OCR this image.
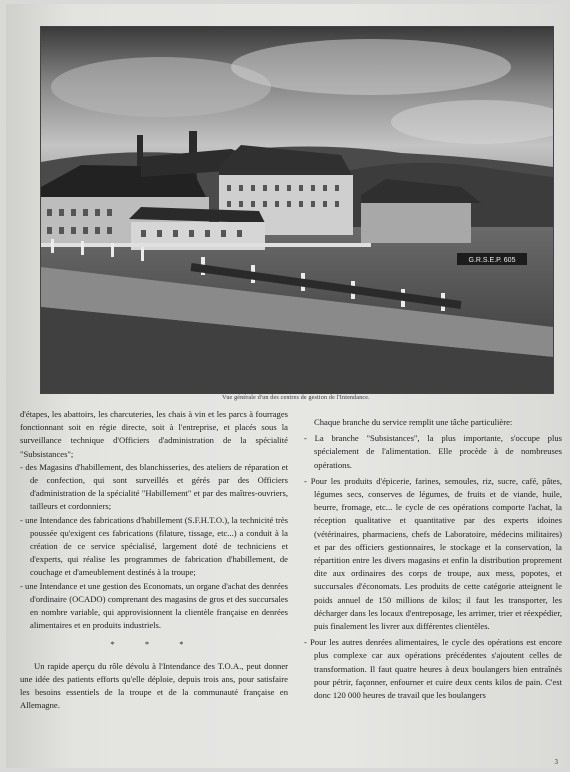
G.R.S.E.P. 605
Vue générale d'un des centres de gestion de l'Intendance.

d'étapes, les abattoirs, les charcuteries, les chais à vin et les parcs à fourrages fonctionnant soit en régie directe, soit à l'entreprise, et placés sous la surveillance technique d'Officiers d'administration de la spécialité "Subsistances";

- des Magasins d'habillement, des blanchisseries, des ateliers de réparation et de confection, qui sont surveillés et gérés par des Officiers d'administration de la spécialité "Habillement" et par des maîtres-ouvriers, tailleurs et cordonniers;

- une Intendance des fabrications d'habillement (S.F.H.T.O.), la technicité très poussée qu'exigent ces fabrications (filature, tissage, etc...) a conduit à la création de ce service spécialisé, largement doté de techniciens et d'experts, qui réalise les programmes de fabrication d'habillement, de couchage et d'ameublement destinés à la troupe;

- une Intendance et une gestion des Economats, un organe d'achat des denrées d'ordinaire (OCADO) comprenant des magasins de gros et des succursales en nombre variable, qui approvisionnent la clientèle française en denrées alimentaires et en produits industriels.

* * *

Un rapide aperçu du rôle dévolu à l'Intendance des T.O.A., peut donner une idée des patients efforts qu'elle déploie, depuis trois ans, pour satisfaire les besoins essentiels de la troupe et de la communauté française en Allemagne.

Chaque branche du service remplit une tâche particulière:

- La branche "Subsistances", la plus importante, s'occupe plus spécialement de l'alimentation. Elle procède à de nombreuses opérations.

- Pour les produits d'épicerie, farines, semoules, riz, sucre, café, pâtes, légumes secs, conserves de légumes, de fruits et de viande, huile, beurre, fromage, etc... le cycle de ces opérations comporte l'achat, la réception qualitative et quantitative par des experts idoines (vétérinaires, pharmaciens, chefs de Laboratoire, médecins militaires) et par des officiers gestionnaires, le stockage et la conservation, la répartition entre les divers magasins et enfin la distribution proprement dite aux ordinaires des corps de troupe, aux mess, popotes, et succursales d'économats. Les produits de cette catégorie atteignent le poids annuel de 150 millions de kilos; il faut les transporter, les décharger dans les locaux d'entreposage, les arrimer, trier et réexpédier, puis finalement les livrer aux différentes clientèles.

- Pour les autres denrées alimentaires, le cycle des opérations est encore plus complexe car aux opérations précédentes s'ajoutent celles de transformation. Il faut quatre heures à deux boulangers bien entraînés pour pétrir, façonner, enfourner et cuire deux cents kilos de pain. C'est donc 120 000 heures de travail que les boulangers

3
